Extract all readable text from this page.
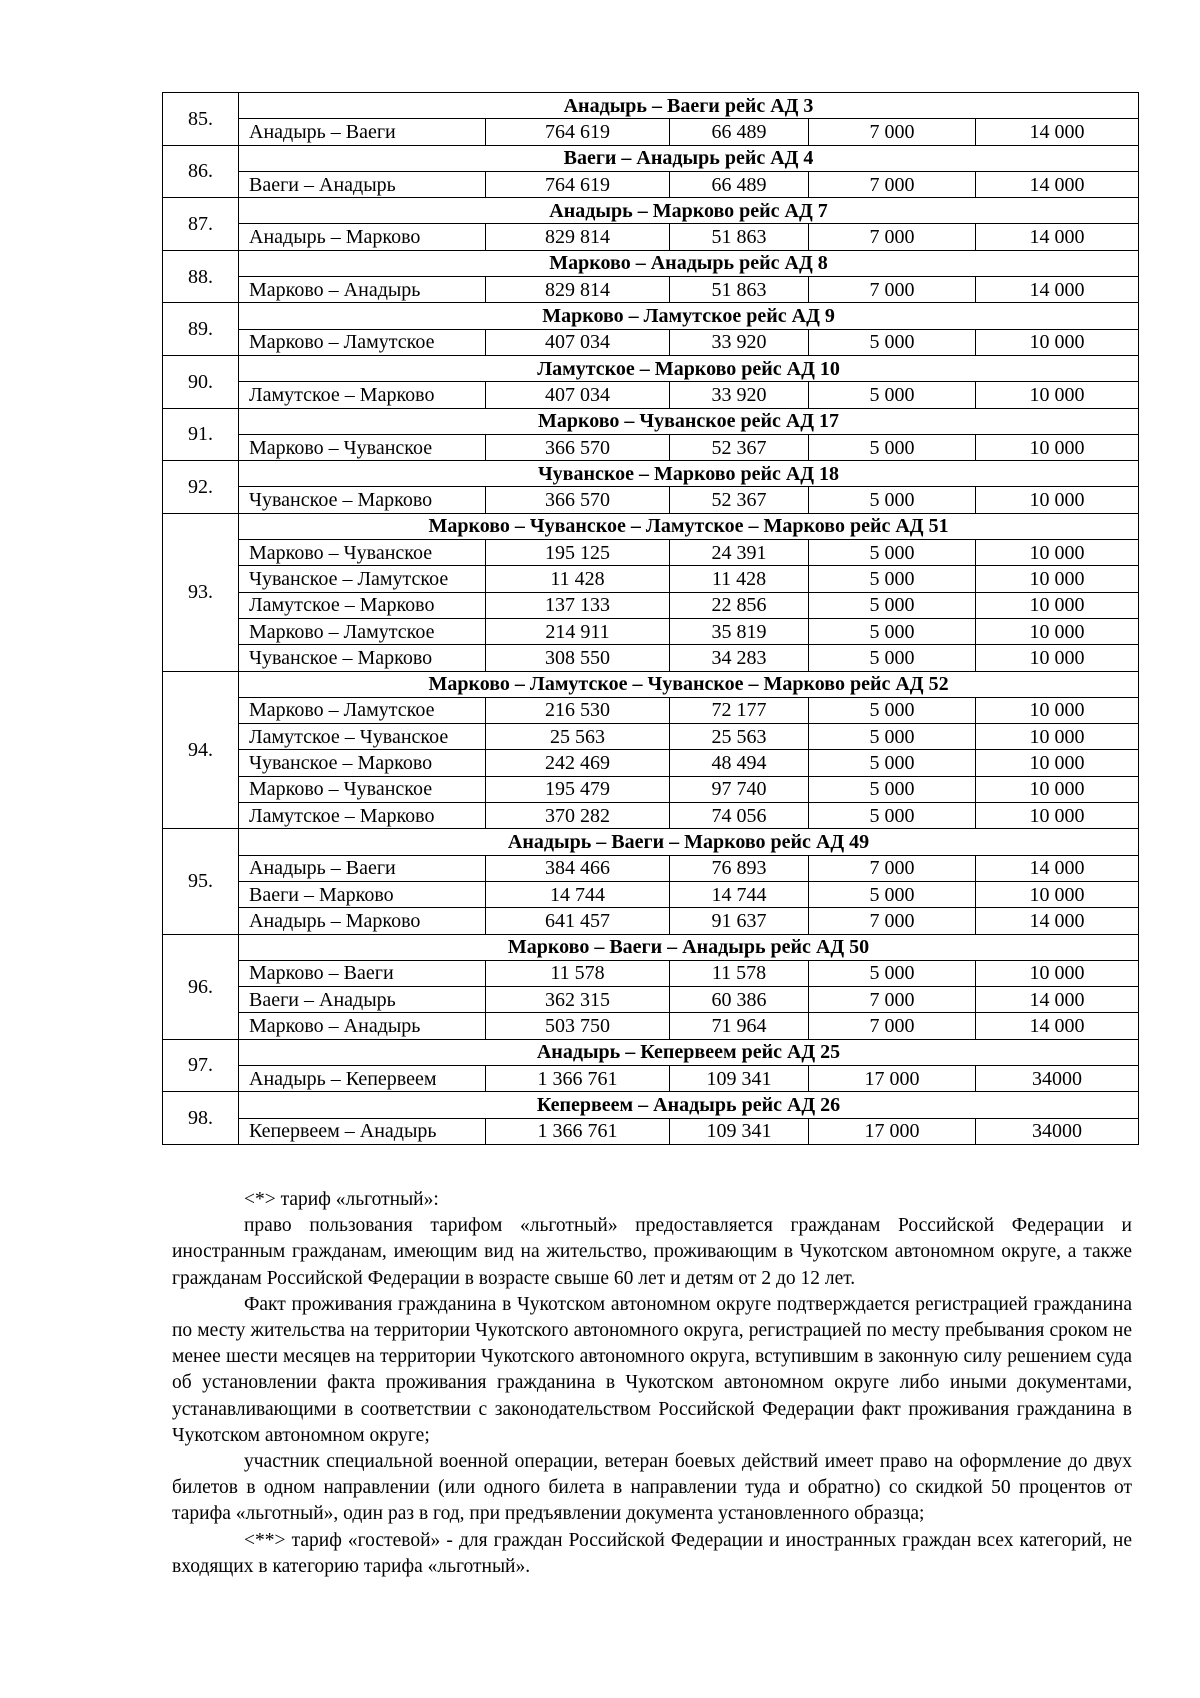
85.	Анадырь – Ваеги рейс АД 3				
	Анадырь – Ваеги	764 619	66 489	7 000	14 000
86.	Ваеги – Анадырь рейс АД 4				
	Ваеги – Анадырь	764 619	66 489	7 000	14 000
87.	Анадырь – Марково рейс АД 7				
	Анадырь – Марково	829 814	51 863	7 000	14 000
88.	Марково – Анадырь рейс АД 8				
	Марково – Анадырь	829 814	51 863	7 000	14 000
89.	Марково – Ламутское рейс АД 9				
	Марково – Ламутское	407 034	33 920	5 000	10 000
90.	Ламутское – Марково рейс АД 10				
	Ламутское – Марково	407 034	33 920	5 000	10 000
91.	Марково – Чуванское рейс АД 17				
	Марково – Чуванское	366 570	52 367	5 000	10 000
92.	Чуванское – Марково рейс АД 18				
	Чуванское – Марково	366 570	52 367	5 000	10 000
93.	Марково – Чуванское – Ламутское – Марково рейс АД 51				
	Марково – Чуванское	195 125	24 391	5 000	10 000
	Чуванское – Ламутское	11 428	11 428	5 000	10 000
	Ламутское – Марково	137 133	22 856	5 000	10 000
	Марково – Ламутское	214 911	35 819	5 000	10 000
	Чуванское – Марково	308 550	34 283	5 000	10 000
94.	Марково – Ламутское – Чуванское – Марково рейс АД 52				
	Марково – Ламутское	216 530	72 177	5 000	10 000
	Ламутское – Чуванское	25 563	25 563	5 000	10 000
	Чуванское – Марково	242 469	48 494	5 000	10 000
	Марково – Чуванское	195 479	97 740	5 000	10 000
	Ламутское – Марково	370 282	74 056	5 000	10 000
95.	Анадырь – Ваеги – Марково рейс АД 49				
	Анадырь – Ваеги	384 466	76 893	7 000	14 000
	Ваеги – Марково	14 744	14 744	5 000	10 000
	Анадырь – Марково	641 457	91 637	7 000	14 000
96.	Марково – Ваеги – Анадырь рейс АД 50				
	Марково – Ваеги	11 578	11 578	5 000	10 000
	Ваеги – Анадырь	362 315	60 386	7 000	14 000
	Марково – Анадырь	503 750	71 964	7 000	14 000
97.	Анадырь – Кепервеем рейс АД 25				
	Анадырь – Кепервеем	1 366 761	109 341	17 000	34000
98.	Кепервеем – Анадырь рейс АД 26				
	Кепервеем – Анадырь	1 366 761	109 341	17 000	34000

<*> тариф «льготный»:

право пользования тарифом «льготный» предоставляется гражданам Российской Федерации и иностранным гражданам, имеющим вид на жительство, проживающим в Чукотском автономном округе, а также гражданам Российской Федерации в возрасте свыше 60 лет и детям от 2 до 12 лет.

Факт проживания гражданина в Чукотском автономном округе подтверждается регистрацией гражданина по месту жительства на территории Чукотского автономного округа, регистрацией по месту пребывания сроком не менее шести месяцев на территории Чукотского автономного округа, вступившим в законную силу решением суда об установлении факта проживания гражданина в Чукотском автономном округе либо иными документами, устанавливающими в соответствии с законодательством Российской Федерации факт проживания гражданина в Чукотском автономном округе;

участник специальной военной операции, ветеран боевых действий имеет право на оформление до двух билетов в одном направлении (или одного билета в направлении туда и обратно) со скидкой 50 процентов от тарифа «льготный», один раз в год, при предъявлении документа установленного образца;

<**> тариф «гостевой» - для граждан Российской Федерации и иностранных граждан всех категорий, не входящих в категорию тарифа «льготный».
